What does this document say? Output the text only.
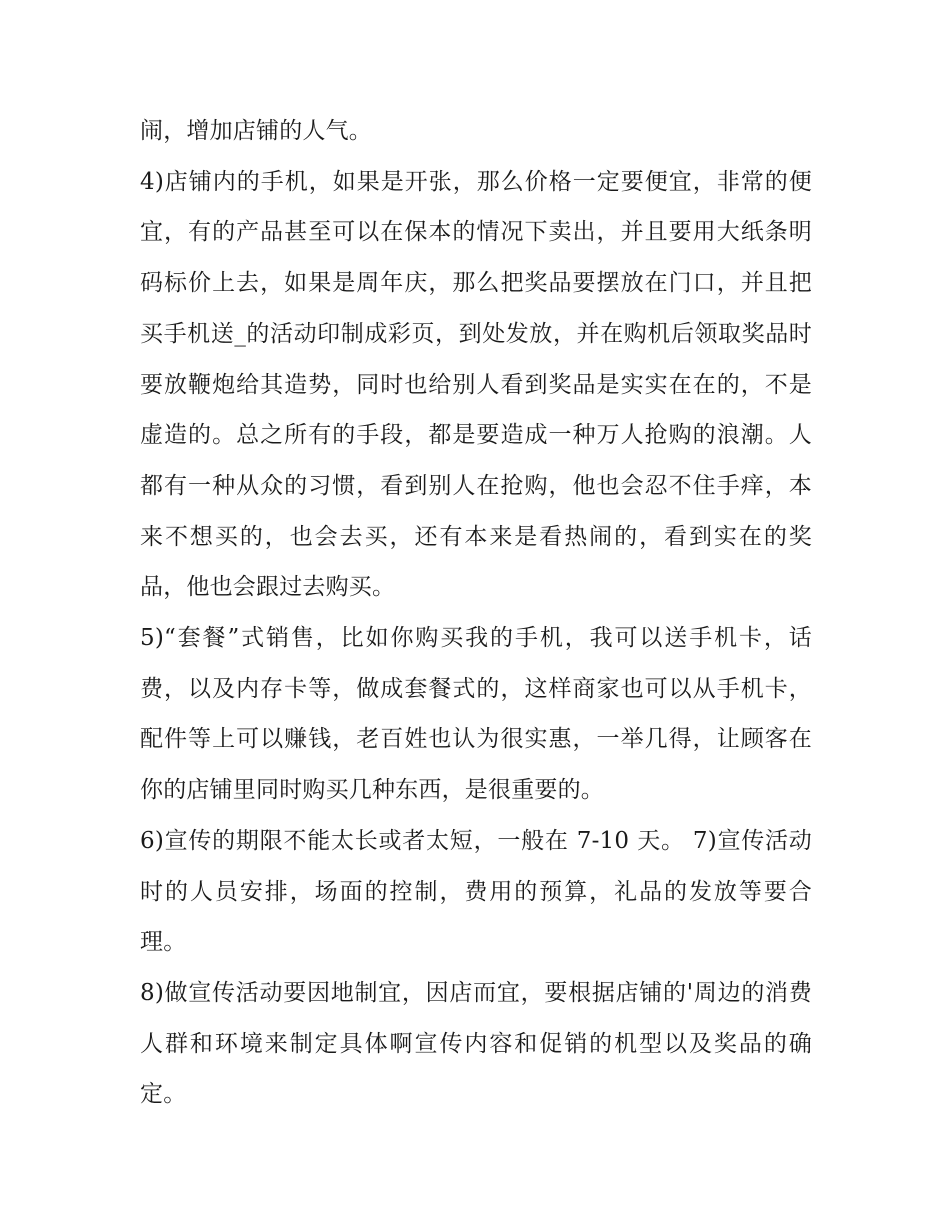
闹，增加店铺的人气。

4)店铺内的手机，如果是开张，那么价格一定要便宜，非常的便宜，有的产品甚至可以在保本的情况下卖出，并且要用大纸条明码标价上去，如果是周年庆，那么把奖品要摆放在门口，并且把买手机送_的活动印制成彩页，到处发放，并在购机后领取奖品时要放鞭炮给其造势，同时也给别人看到奖品是实实在在的，不是虚造的。总之所有的手段，都是要造成一种万人抢购的浪潮。人都有一种从众的习惯，看到别人在抢购，他也会忍不住手痒，本来不想买的，也会去买，还有本来是看热闹的，看到实在的奖品，他也会跟过去购买。

5)“套餐”式销售，比如你购买我的手机，我可以送手机卡，话费，以及内存卡等，做成套餐式的，这样商家也可以从手机卡，配件等上可以赚钱，老百姓也认为很实惠，一举几得，让顾客在你的店铺里同时购买几种东西，是很重要的。

6)宣传的期限不能太长或者太短，一般在 7-10 天。 7)宣传活动时的人员安排，场面的控制，费用的预算，礼品的发放等要合理。

8)做宣传活动要因地制宜，因店而宜，要根据店铺的'周边的消费人群和环境来制定具体啊宣传内容和促销的机型以及奖品的确定。
